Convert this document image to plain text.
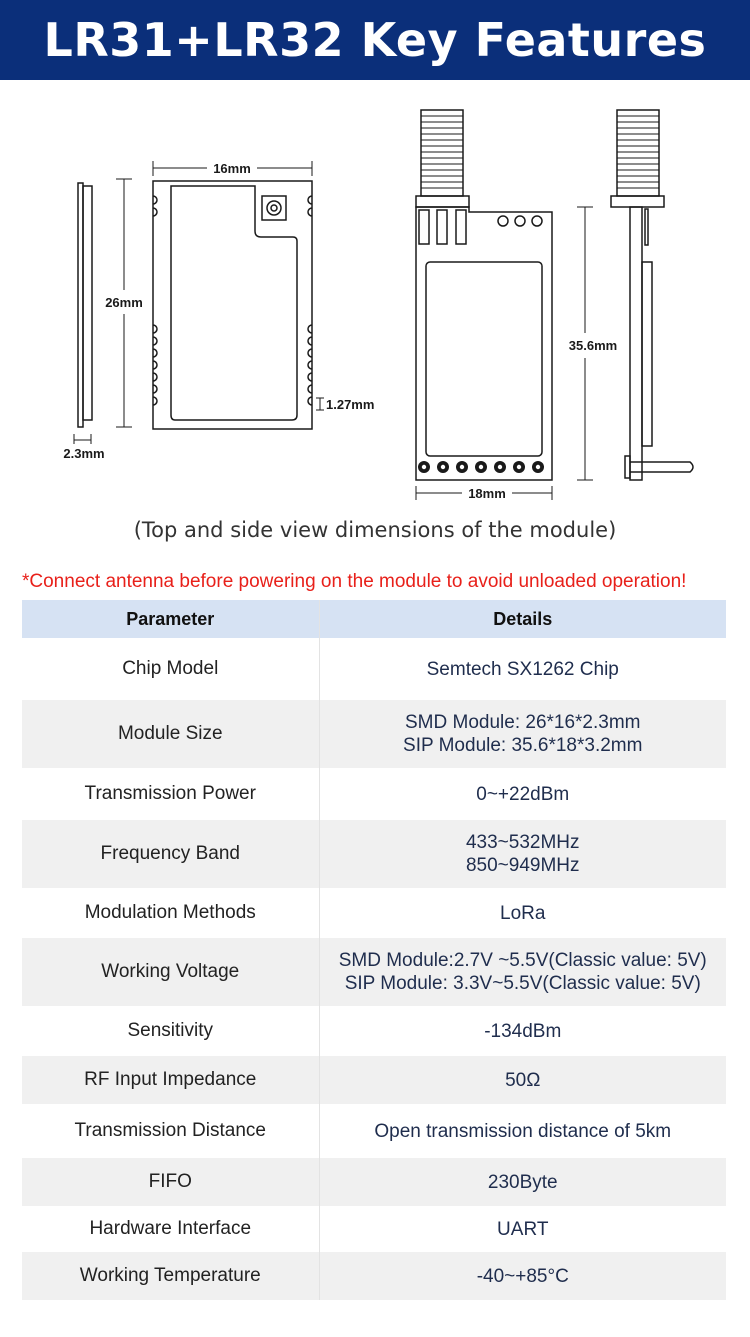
LR31+LR32 Key Features
16mm
26mm
1.27mm
2.3mm
35.6mm
18mm
(Top and side view dimensions of the module)
*Connect antenna before powering on the module to avoid unloaded operation!
Parameter	Details
Chip Model	Semtech SX1262 Chip

Module Size	SMD Module: 26*16*2.3mm
SIP Module: 35.6*18*3.2mm

Transmission Power	0~+22dBm

Frequency Band	433~532MHz
850~949MHz

Modulation Methods	LoRa

Working Voltage	SMD Module:2.7V ~5.5V(Classic value: 5V)
SIP Module: 3.3V~5.5V(Classic value: 5V)

Sensitivity	-134dBm

RF Input Impedance	50Ω

Transmission Distance	Open transmission distance of 5km

FIFO	230Byte

Hardware Interface	UART

Working Temperature	-40~+85°C
